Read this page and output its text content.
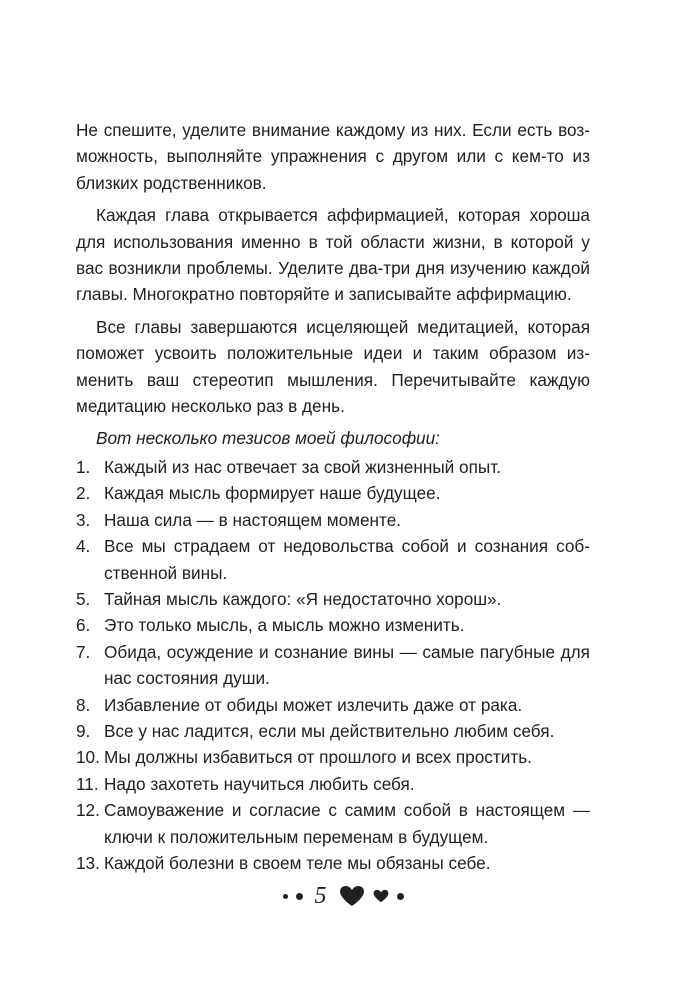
Не спешите, уделите внимание каждому из них. Если есть возможность, выполняйте упражнения с другом или с кем-то из близких родственников.

Каждая глава открывается аффирмацией, которая хороша для использования именно в той области жизни, в которой у вас возникли проблемы. Уделите два-три дня изучению каждой главы. Многократно повторяйте и записывайте аффирмацию.

Все главы завершаются исцеляющей медитацией, которая поможет усвоить положительные идеи и таким образом изменить ваш стереотип мышления. Перечитывайте каждую медитацию несколько раз в день.

Вот несколько тезисов моей философии:

1. Каждый из нас отвечает за свой жизненный опыт.
2. Каждая мысль формирует наше будущее.
3. Наша сила — в настоящем моменте.
4. Все мы страдаем от недовольства собой и сознания собственной вины.
5. Тайная мысль каждого: «Я недостаточно хорош».
6. Это только мысль, а мысль можно изменить.
7. Обида, осуждение и сознание вины — самые пагубные для нас состояния души.
8. Избавление от обиды может излечить даже от рака.
9. Все у нас ладится, если мы действительно любим себя.
10. Мы должны избавиться от прошлого и всех простить.
11. Надо захотеть научиться любить себя.
12. Самоуважение и согласие с самим собой в настоящем — ключи к положительным переменам в будущем.
13. Каждой болезни в своем теле мы обязаны себе.
5
